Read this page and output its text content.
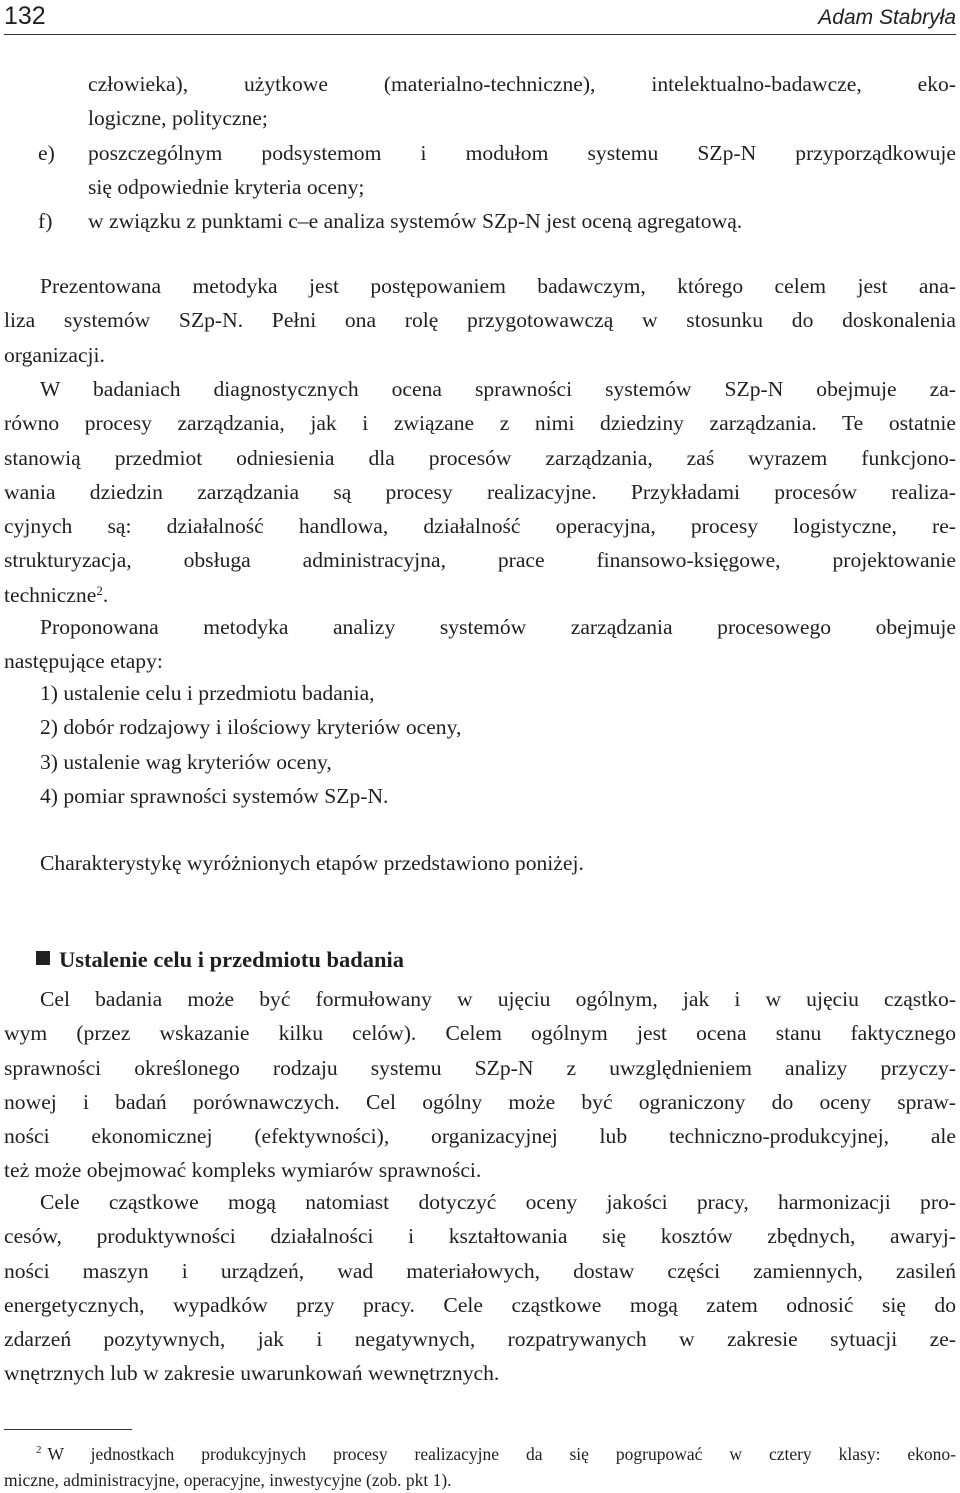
132	Adam Stabryła
człowieka), użytkowe (materialno-techniczne), intelektualno-badawcze, eko-
logiczne, polityczne;
e) poszczególnym podsystemom i modułom systemu SZp-N przyporządkowuje
się odpowiednie kryteria oceny;
f) w związku z punktami c–e analiza systemów SZp-N jest oceną agregatową.
Prezentowana metodyka jest postępowaniem badawczym, którego celem jest ana-
liza systemów SZp-N. Pełni ona rolę przygotowawczą w stosunku do doskonalenia
organizacji.
W badaniach diagnostycznych ocena sprawności systemów SZp-N obejmuje za-
równo procesy zarządzania, jak i związane z nimi dziedziny zarządzania. Te ostatnie
stanowią przedmiot odniesienia dla procesów zarządzania, zaś wyrazem funkcjono-
wania dziedzin zarządzania są procesy realizacyjne. Przykładami procesów realiza-
cyjnych są: działalność handlowa, działalność operacyjna, procesy logistyczne, re-
strukturyzacja, obsługa administracyjna, prace finansowo-księgowe, projektowanie
techniczne$^2$.
Proponowana metodyka analizy systemów zarządzania procesowego obejmuje
następujące etapy:
1) ustalenie celu i przedmiotu badania,
2) dobór rodzajowy i ilościowy kryteriów oceny,
3) ustalenie wag kryteriów oceny,
4) pomiar sprawności systemów SZp-N.
Charakterystykę wyróżnionych etapów przedstawiono poniżej.
Ustalenie celu i przedmiotu badania
Cel badania może być formułowany w ujęciu ogólnym, jak i w ujęciu cząstko-
wym (przez wskazanie kilku celów). Celem ogólnym jest ocena stanu faktycznego
sprawności określonego rodzaju systemu SZp-N z uwzględnieniem analizy przyczy-
nowej i badań porównawczych. Cel ogólny może być ograniczony do oceny spraw-
ności ekonomicznej (efektywności), organizacyjnej lub techniczno-produkcyjnej, ale
też może obejmować kompleks wymiarów sprawności.
Cele cząstkowe mogą natomiast dotyczyć oceny jakości pracy, harmonizacji pro-
cesów, produktywności działalności i kształtowania się kosztów zbędnych, awaryj-
ności maszyn i urządzeń, wad materiałowych, dostaw części zamiennych, zasileń
energetycznych, wypadków przy pracy. Cele cząstkowe mogą zatem odnosić się do
zdarzeń pozytywnych, jak i negatywnych, rozpatrywanych w zakresie sytuacji ze-
wnętrznych lub w zakresie uwarunkowań wewnętrznych.
$^2$ W jednostkach produkcyjnych procesy realizacyjne da się pogrupować w cztery klasy: ekono-
miczne, administracyjne, operacyjne, inwestycyjne (zob. pkt 1).
